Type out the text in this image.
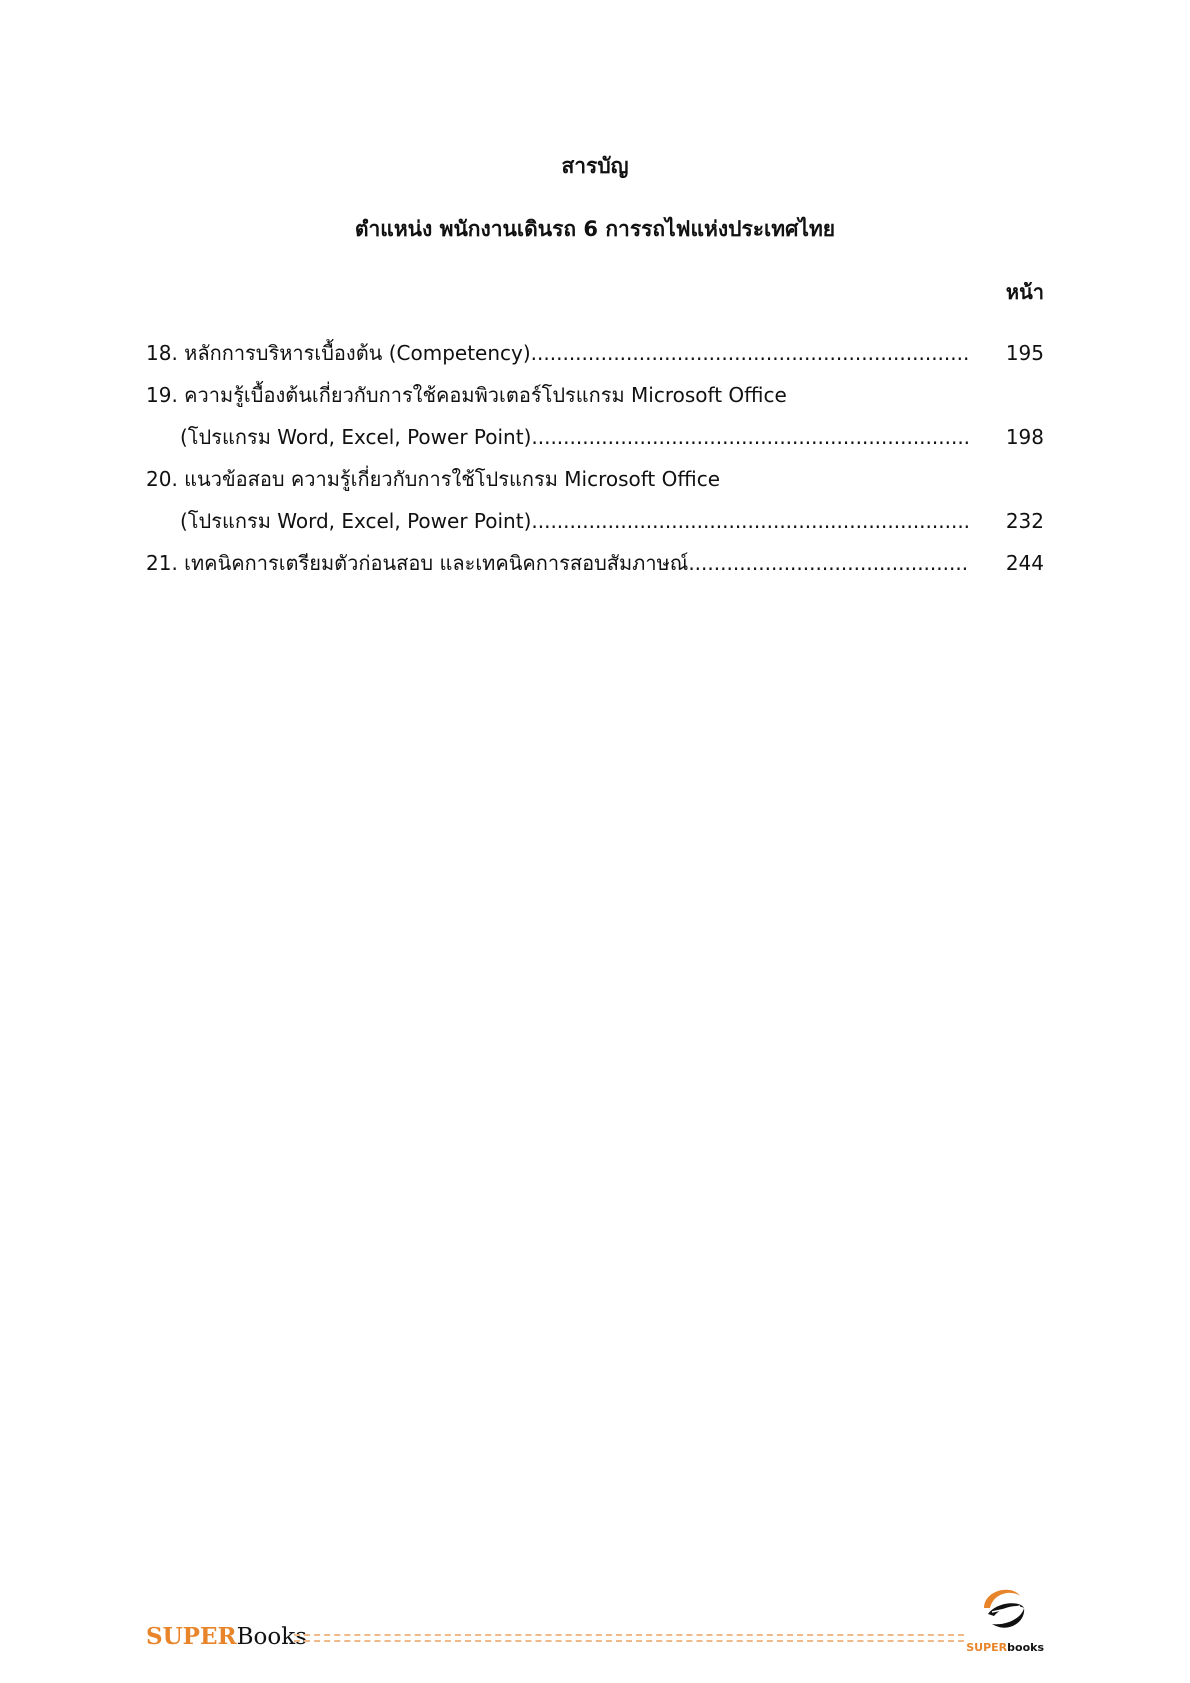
สารบัญ
ตำแหน่ง พนักงานเดินรถ 6 การรถไฟแห่งประเทศไทย
หน้า
18. หลักการบริหารเบื้องต้น (Competency) .....	195
19. ความรู้เบื้องต้นเกี่ยวกับการใช้คอมพิวเตอร์โปรแกรม Microsoft Office
(โปรแกรม Word, Excel, Power Point) .....	198
20. แนวข้อสอบ ความรู้เกี่ยวกับการใช้โปรแกรม Microsoft Office
(โปรแกรม Word, Excel, Power Point) .....	232
21. เทคนิคการเตรียมตัวก่อนสอบ และเทคนิคการสอบสัมภาษณ์ .....	244
SUPERBooks	SUPERbooks
